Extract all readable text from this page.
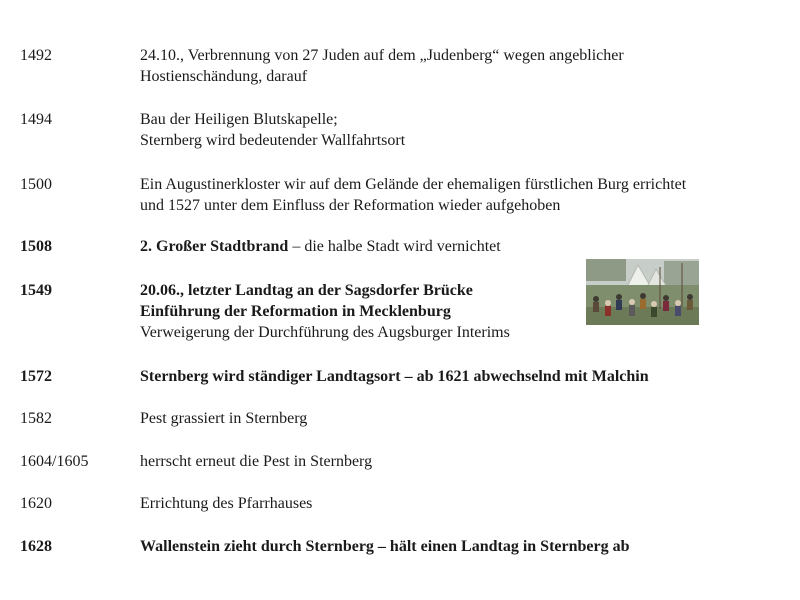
1492	24.10., Verbrennung von 27 Juden auf dem „Judenberg“ wegen angeblicher
Hostienschändung, darauf
1494	Bau der Heiligen Blutskapelle;
Sternberg wird bedeutender Wallfahrtsort
1500	Ein Augustinerkloster wir auf dem Gelände der ehemaligen fürstlichen Burg errichtet
und 1527 unter dem Einfluss der Reformation wieder aufgehoben
1508	2. Großer Stadtbrand – die halbe Stadt wird vernichtet
1549	20.06., letzter Landtag an der Sagsdorfer Brücke
Einführung der Reformation in Mecklenburg
Verweigerung der Durchführung des Augsburger Interims
1572	Sternberg wird ständiger Landtagsort – ab 1621 abwechselnd mit Malchin
1582	Pest grassiert in Sternberg
1604/1605	herrscht erneut die Pest in Sternberg
1620	Errichtung des Pfarrhauses
1628	Wallenstein zieht durch Sternberg – hält einen Landtag in Sternberg ab
